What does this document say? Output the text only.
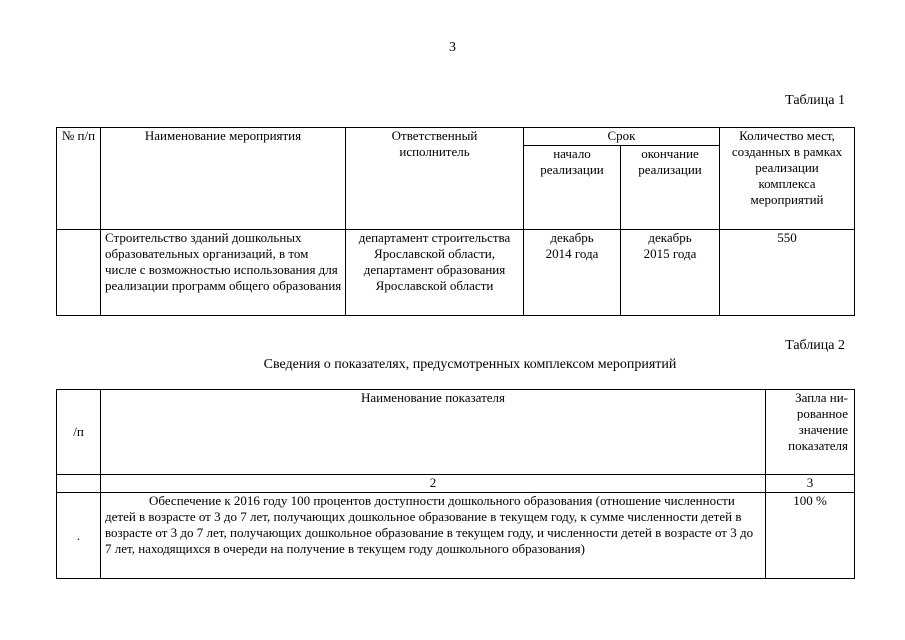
3
Таблица 1
№ п/п	Наименование мероприятия	Ответственный исполнитель	Срок		Количество мест, созданных в рамках реализации комплекса мероприятий
			начало реализации	окончание реализации	
	Строительство зданий дошкольных образовательных организаций, в том числе с возможностью использования для реализации программ общего образования	департамент строительства Ярославской области, департамент образования Ярославской области	декабрь 2014 года	декабрь 2015 года	550
Таблица 2
Сведения о показателях, предусмотренных комплексом мероприятий
/п	Наименование показателя	Запла ни- рованное значение показателя
	2	3
.	Обеспечение к 2016 году 100 процентов доступности дошкольного образования (отношение численности детей в возрасте от 3 до 7 лет, получающих дошкольное образование в текущем году, к сумме численности детей в возрасте от 3 до 7 лет, получающих дошкольное образование в текущем году, и численности детей в возрасте от 3 до 7 лет, находящихся в очереди на получение в текущем году дошкольного образования)	100 %
